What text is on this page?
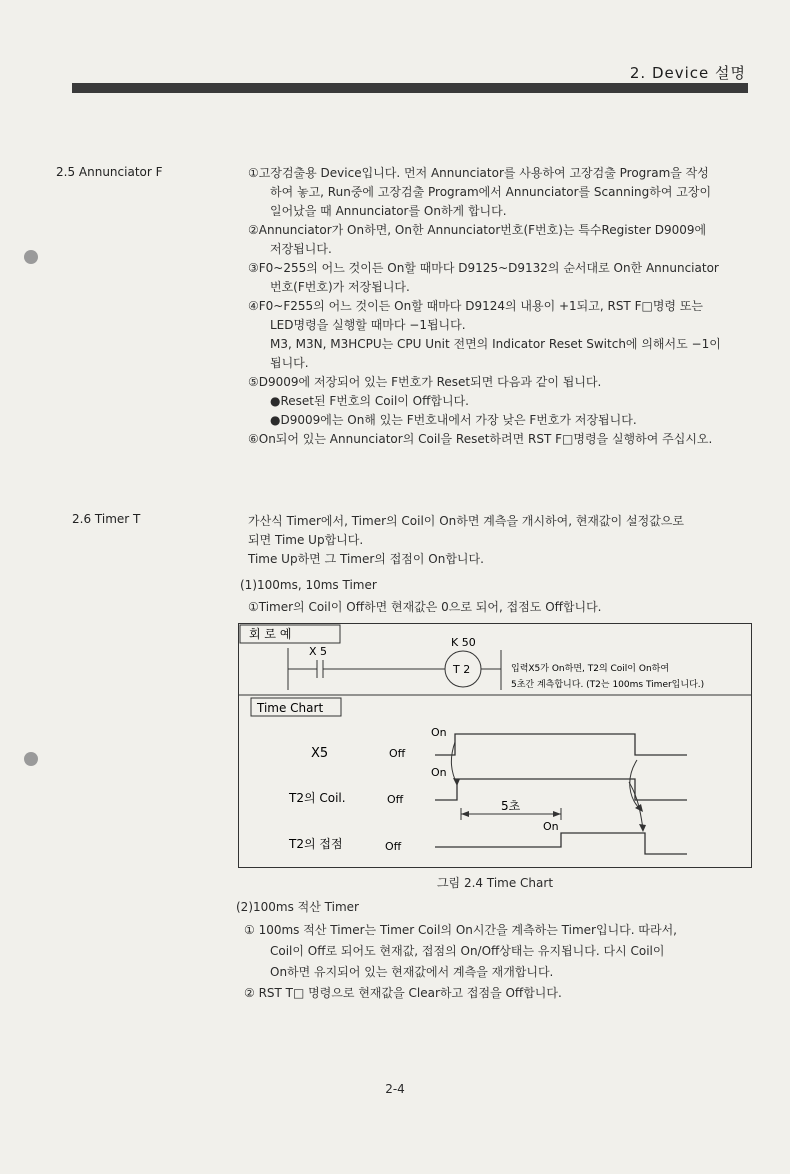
2. Device 설명
2.5 Annunciator F	①고장검출용 Device입니다. 먼저 Annunciator를 사용하여 고장검출 Program을 작성

하여 놓고, Run중에 고장검출 Program에서 Annunciator를 Scanning하여 고장이

일어났을 때 Annunciator를 On하게 합니다.

②Annunciator가 On하면, On한 Annunciator번호(F번호)는 특수Register D9009에

저장됩니다.

③F0~255의 어느 것이든 On할 때마다 D9125~D9132의 순서대로 On한 Annunciator

번호(F번호)가 저장됩니다.

④F0~F255의 어느 것이든 On할 때마다 D9124의 내용이 +1되고, RST F□명령 또는

LED명령을 실행할 때마다 −1됩니다.

M3, M3N, M3HCPU는 CPU Unit 전면의 Indicator Reset Switch에 의해서도 −1이

됩니다.

⑤D9009에 저장되어 있는 F번호가 Reset되면 다음과 같이 됩니다.

●Reset된 F번호의 Coil이 Off합니다.

●D9009에는 On해 있는 F번호내에서 가장 낮은 F번호가 저장됩니다.

⑥On되어 있는 Annunciator의 Coil을 Reset하려면 RST F□명령을 실행하여 주십시오.

2.6 Timer T	가산식 Timer에서, Timer의 Coil이 On하면 계측을 개시하여, 현재값이 설정값으로

되면 Time Up합니다.

Time Up하면 그 Timer의 접점이 On합니다.

(1)100ms, 10ms Timer
①Timer의 Coil이 Off하면 현재값은 0으로 되어, 접점도 Off합니다.
회 로 예
X 5
T 2
K 50
입력X5가 On하면, T2의 Coil이 On하여
5초간 계측합니다. (T2는 100ms Timer입니다.)
Time Chart
X5	Off
On
T2의 Coil.	Off
On
5초
T2의 접점	Off
On
그림 2.4 Time Chart
(2)100ms 적산 Timer

① 100ms 적산 Timer는 Timer Coil의 On시간을 계측하는 Timer입니다. 따라서,

Coil이 Off로 되어도 현재값, 접점의 On/Off상태는 유지됩니다. 다시 Coil이

On하면 유지되어 있는 현재값에서 계측을 재개합니다.

② RST T□ 명령으로 현재값을 Clear하고 접점을 Off합니다.

2-4
